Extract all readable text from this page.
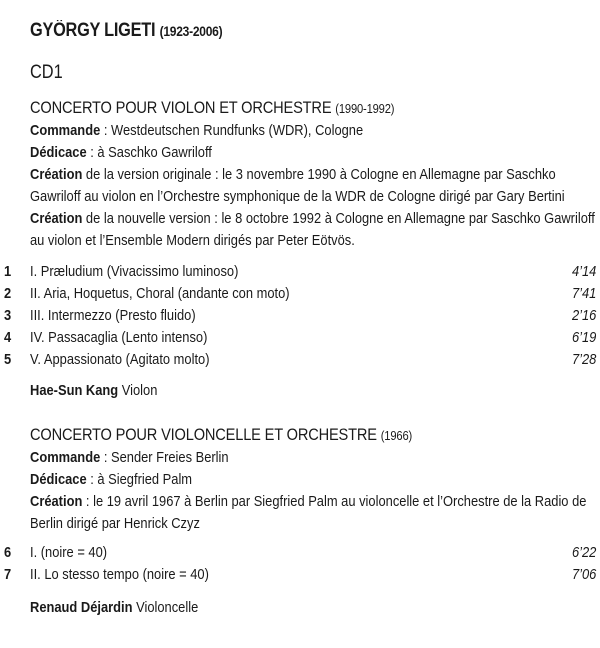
GYÖRGY LIGETI (1923-2006)
CD1
CONCERTO POUR VIOLON ET ORCHESTRE (1990-1992)
Commande : Westdeutschen Rundfunks (WDR), Cologne
Dédicace : à Saschko Gawriloff
Création de la version originale : le 3 novembre 1990 à Cologne en Allemagne par Saschko
Gawriloff au violon en l’Orchestre symphonique de la WDR de Cologne dirigé par Gary Bertini
Création de la nouvelle version : le 8 octobre 1992 à Cologne en Allemagne par Saschko Gawriloff
au violon et l’Ensemble Modern dirigés par Peter Eötvös.
1 I. Præludium (Vivacissimo luminoso)	4’14
2 II. Aria, Hoquetus, Choral (andante con moto)	7’41
3 III. Intermezzo (Presto fluido)	2’16
4 IV. Passacaglia (Lento intenso)	6’19
5 V. Appassionato (Agitato molto)	7’28
Hae-Sun Kang Violon
CONCERTO POUR VIOLONCELLE ET ORCHESTRE (1966)
Commande : Sender Freies Berlin
Dédicace : à Siegfried Palm
Création : le 19 avril 1967 à Berlin par Siegfried Palm au violoncelle et l’Orchestre de la Radio de
Berlin dirigé par Henrick Czyz
6 I. (noire = 40)	6’22
7 II. Lo stesso tempo (noire = 40)	7’06
Renaud Déjardin Violoncelle
